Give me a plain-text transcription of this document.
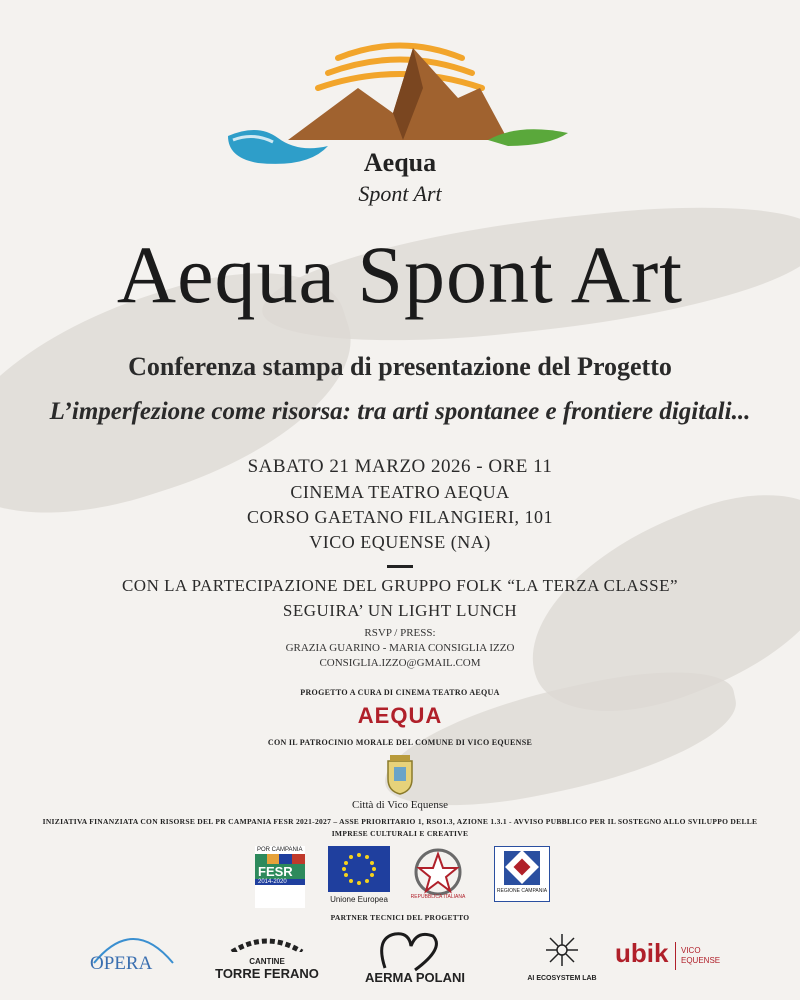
Aequa
Spont Art
Aequa Spont Art
Conferenza stampa di presentazione del Progetto
L’imperfezione come risorsa: tra arti spontanee e frontiere digitali...
SABATO 21 MARZO 2026 - ORE 11
CINEMA TEATRO AEQUA
CORSO GAETANO FILANGIERI, 101
VICO EQUENSE (NA)
CON LA PARTECIPAZIONE DEL GRUPPO FOLK “LA TERZA CLASSE”
SEGUIRA’ UN LIGHT LUNCH
RSVP / PRESS:
GRAZIA GUARINO - MARIA CONSIGLIA IZZO
CONSIGLIA.IZZO@GMAIL.COM
PROGETTO A CURA DI CINEMA TEATRO AEQUA
AEQUA
CON IL PATROCINIO MORALE DEL COMUNE DI VICO EQUENSE
Città di Vico Equense
INIZIATIVA FINANZIATA CON RISORSE DEL PR CAMPANIA FESR 2021-2027 – ASSE PRIORITARIO 1, RSO1.3, AZIONE 1.3.1 - AVVISO PUBBLICO PER IL SOSTEGNO ALLO SVILUPPO DELLE
IMPRESE CULTURALI E CREATIVE
POR CAMPANIA
FESR
2014-2020
Unione Europea	REPUBBLICA ITALIANA
REGIONE CAMPANIA
PARTNER TECNICI DEL PROGETTO
OPERA	CANTINE
TORRE FERANO	AERMA POLANI	AI ECOSYSTEM LAB
ubik VICO
EQUENSE
